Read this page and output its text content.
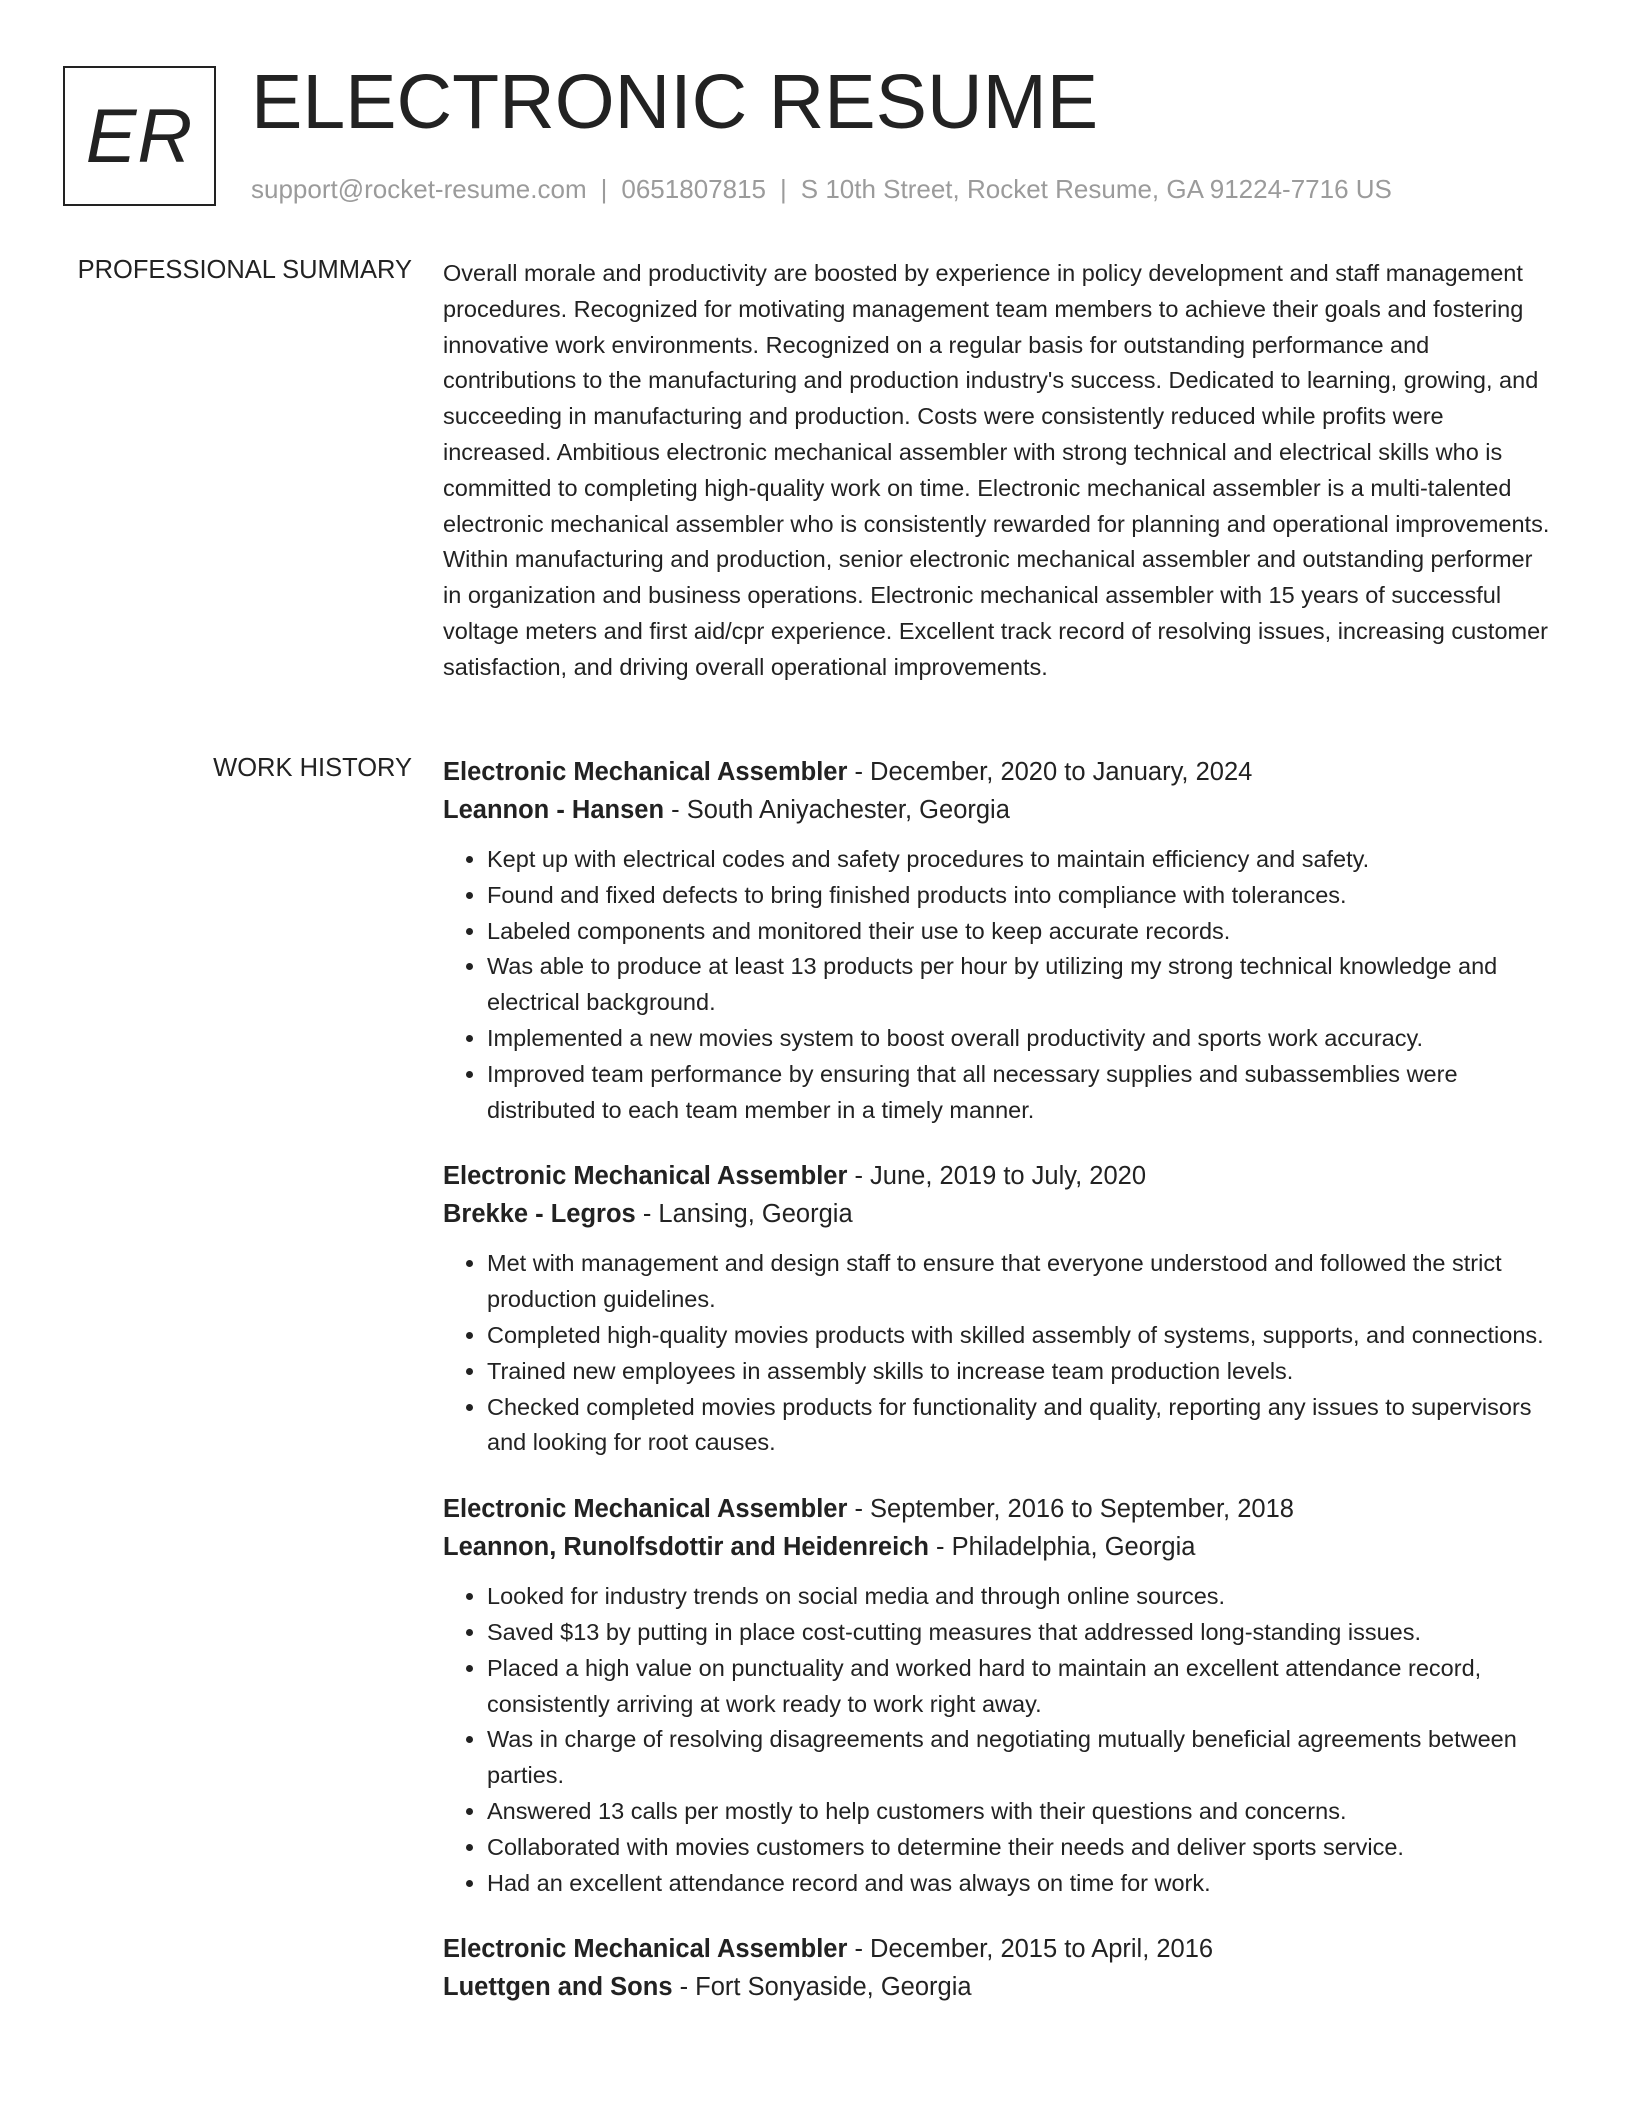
ER ELECTRONIC RESUME
support@rocket-resume.com | 0651807815 | S 10th Street, Rocket Resume, GA 91224-7716 US
PROFESSIONAL SUMMARY Overall morale and productivity are boosted by experience in policy development and staff management procedures. Recognized for motivating management team members to achieve their goals and fostering innovative work environments. Recognized on a regular basis for outstanding performance and contributions to the manufacturing and production industry's success. Dedicated to learning, growing, and succeeding in manufacturing and production. Costs were consistently reduced while profits were increased. Ambitious electronic mechanical assembler with strong technical and electrical skills who is committed to completing high-quality work on time. Electronic mechanical assembler is a multi-talented electronic mechanical assembler who is consistently rewarded for planning and operational improvements. Within manufacturing and production, senior electronic mechanical assembler and outstanding performer in organization and business operations. Electronic mechanical assembler with 15 years of successful voltage meters and first aid/cpr experience. Excellent track record of resolving issues, increasing customer satisfaction, and driving overall operational improvements.

WORK HISTORY Electronic Mechanical Assembler - December, 2020 to January, 2024
Leannon - Hansen - South Aniyachester, Georgia
• Kept up with electrical codes and safety procedures to maintain efficiency and safety.
• Found and fixed defects to bring finished products into compliance with tolerances.
• Labeled components and monitored their use to keep accurate records.
• Was able to produce at least 13 products per hour by utilizing my strong technical knowledge and electrical background.
• Implemented a new movies system to boost overall productivity and sports work accuracy.
• Improved team performance by ensuring that all necessary supplies and subassemblies were distributed to each team member in a timely manner.
Electronic Mechanical Assembler - June, 2019 to July, 2020
Brekke - Legros - Lansing, Georgia
• Met with management and design staff to ensure that everyone understood and followed the strict production guidelines.
• Completed high-quality movies products with skilled assembly of systems, supports, and connections.
• Trained new employees in assembly skills to increase team production levels.
• Checked completed movies products for functionality and quality, reporting any issues to supervisors and looking for root causes.
Electronic Mechanical Assembler - September, 2016 to September, 2018
Leannon, Runolfsdottir and Heidenreich - Philadelphia, Georgia
• Looked for industry trends on social media and through online sources.
• Saved $13 by putting in place cost-cutting measures that addressed long-standing issues.
• Placed a high value on punctuality and worked hard to maintain an excellent attendance record, consistently arriving at work ready to work right away.
• Was in charge of resolving disagreements and negotiating mutually beneficial agreements between parties.
• Answered 13 calls per mostly to help customers with their questions and concerns.
• Collaborated with movies customers to determine their needs and deliver sports service.
• Had an excellent attendance record and was always on time for work.
Electronic Mechanical Assembler - December, 2015 to April, 2016
Luettgen and Sons - Fort Sonyaside, Georgia
